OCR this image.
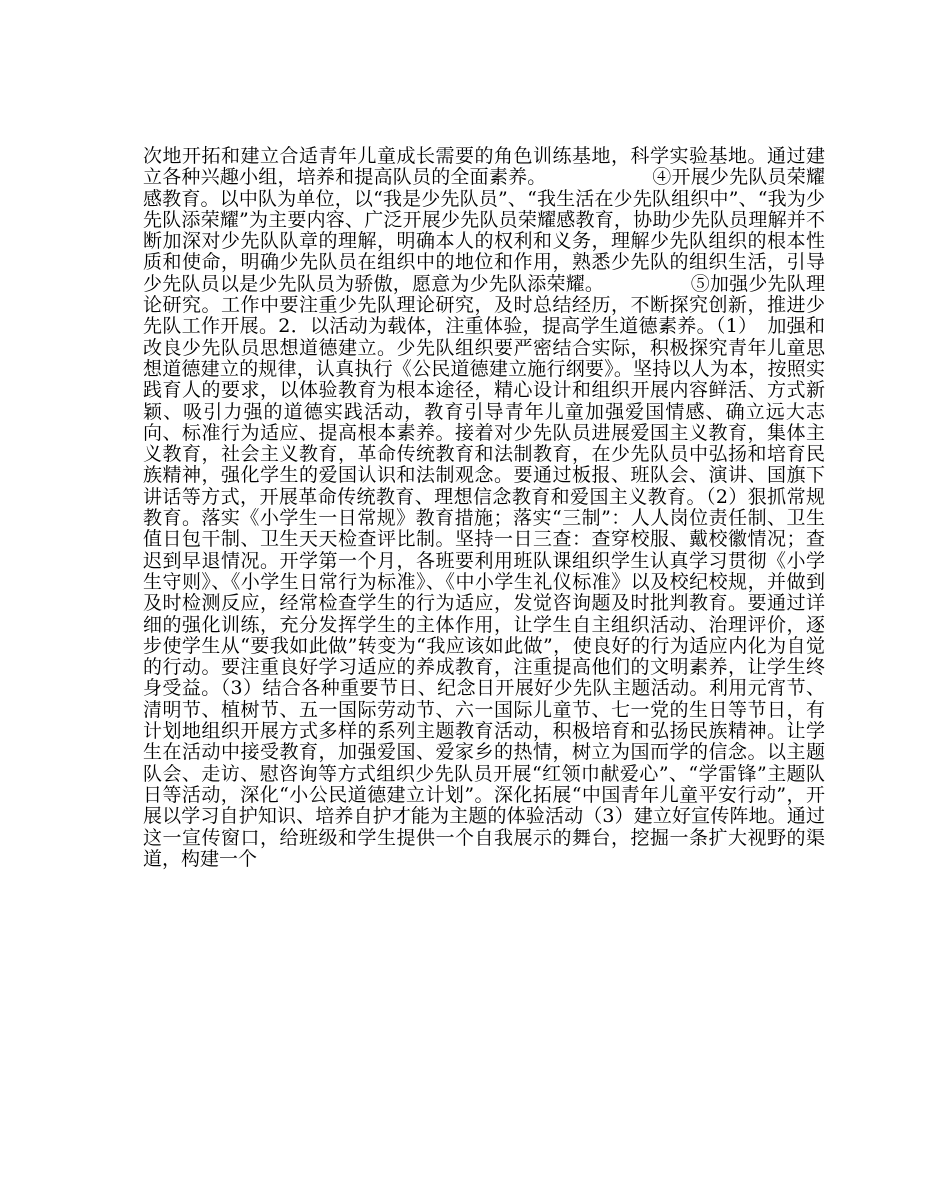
次地开拓和建立合适青年儿童成长需要的角色训练基地，科学实验基地。通过建立各种兴趣小组，培养和提高队员的全面素养。　　　　　　④开展少先队员荣耀感教育。以中队为单位，以“我是少先队员”、“我生活在少先队组织中”、“我为少先队添荣耀”为主要内容、广泛开展少先队员荣耀感教育，协助少先队员理解并不断加深对少先队队章的理解，明确本人的权利和义务，理解少先队组织的根本性质和使命，明确少先队员在组织中的地位和作用，熟悉少先队的组织生活，引导少先队员以是少先队员为骄傲，愿意为少先队添荣耀。　　　　　⑤加强少先队理论研究。工作中要注重少先队理论研究，及时总结经历，不断探究创新，推进少先队工作开展。2．以活动为载体，注重体验，提高学生道德素养。（1）　加强和改良少先队员思想道德建立。少先队组织要严密结合实际，积极探究青年儿童思想道德建立的规律，认真执行《公民道德建立施行纲要》。坚持以人为本，按照实践育人的要求，以体验教育为根本途径，精心设计和组织开展内容鲜活、方式新颖、吸引力强的道德实践活动，教育引导青年儿童加强爱国情感、确立远大志向、标准行为适应、提高根本素养。接着对少先队员进展爱国主义教育，集体主义教育，社会主义教育，革命传统教育和法制教育，在少先队员中弘扬和培育民族精神，强化学生的爱国认识和法制观念。要通过板报、班队会、演讲、国旗下讲话等方式，开展革命传统教育、理想信念教育和爱国主义教育。（2）狠抓常规教育。落实《小学生一日常规》教育措施；落实“三制”：人人岗位责任制、卫生值日包干制、卫生天天检查评比制。坚持一日三查：查穿校服、戴校徽情况；查迟到早退情况。开学第一个月，各班要利用班队课组织学生认真学习贯彻《小学生守则》、《小学生日常行为标准》、《中小学生礼仪标准》以及校纪校规，并做到及时检测反应，经常检查学生的行为适应，发觉咨询题及时批判教育。要通过详细的强化训练，充分发挥学生的主体作用，让学生自主组织活动、治理评价，逐步使学生从“要我如此做”转变为“我应该如此做”，使良好的行为适应内化为自觉的行动。要注重良好学习适应的养成教育，注重提高他们的文明素养，让学生终身受益。（3）结合各种重要节日、纪念日开展好少先队主题活动。利用元宵节、清明节、植树节、五一国际劳动节、六一国际儿童节、七一党的生日等节日，有计划地组织开展方式多样的系列主题教育活动，积极培育和弘扬民族精神。让学生在活动中接受教育，加强爱国、爱家乡的热情，树立为国而学的信念。以主题队会、走访、慰咨询等方式组织少先队员开展“红领巾献爱心”、“学雷锋”主题队日等活动，深化“小公民道德建立计划”。深化拓展“中国青年儿童平安行动”，开展以学习自护知识、培养自护才能为主题的体验活动（3）建立好宣传阵地。通过这一宣传窗口，给班级和学生提供一个自我展示的舞台，挖掘一条扩大视野的渠道，构建一个
